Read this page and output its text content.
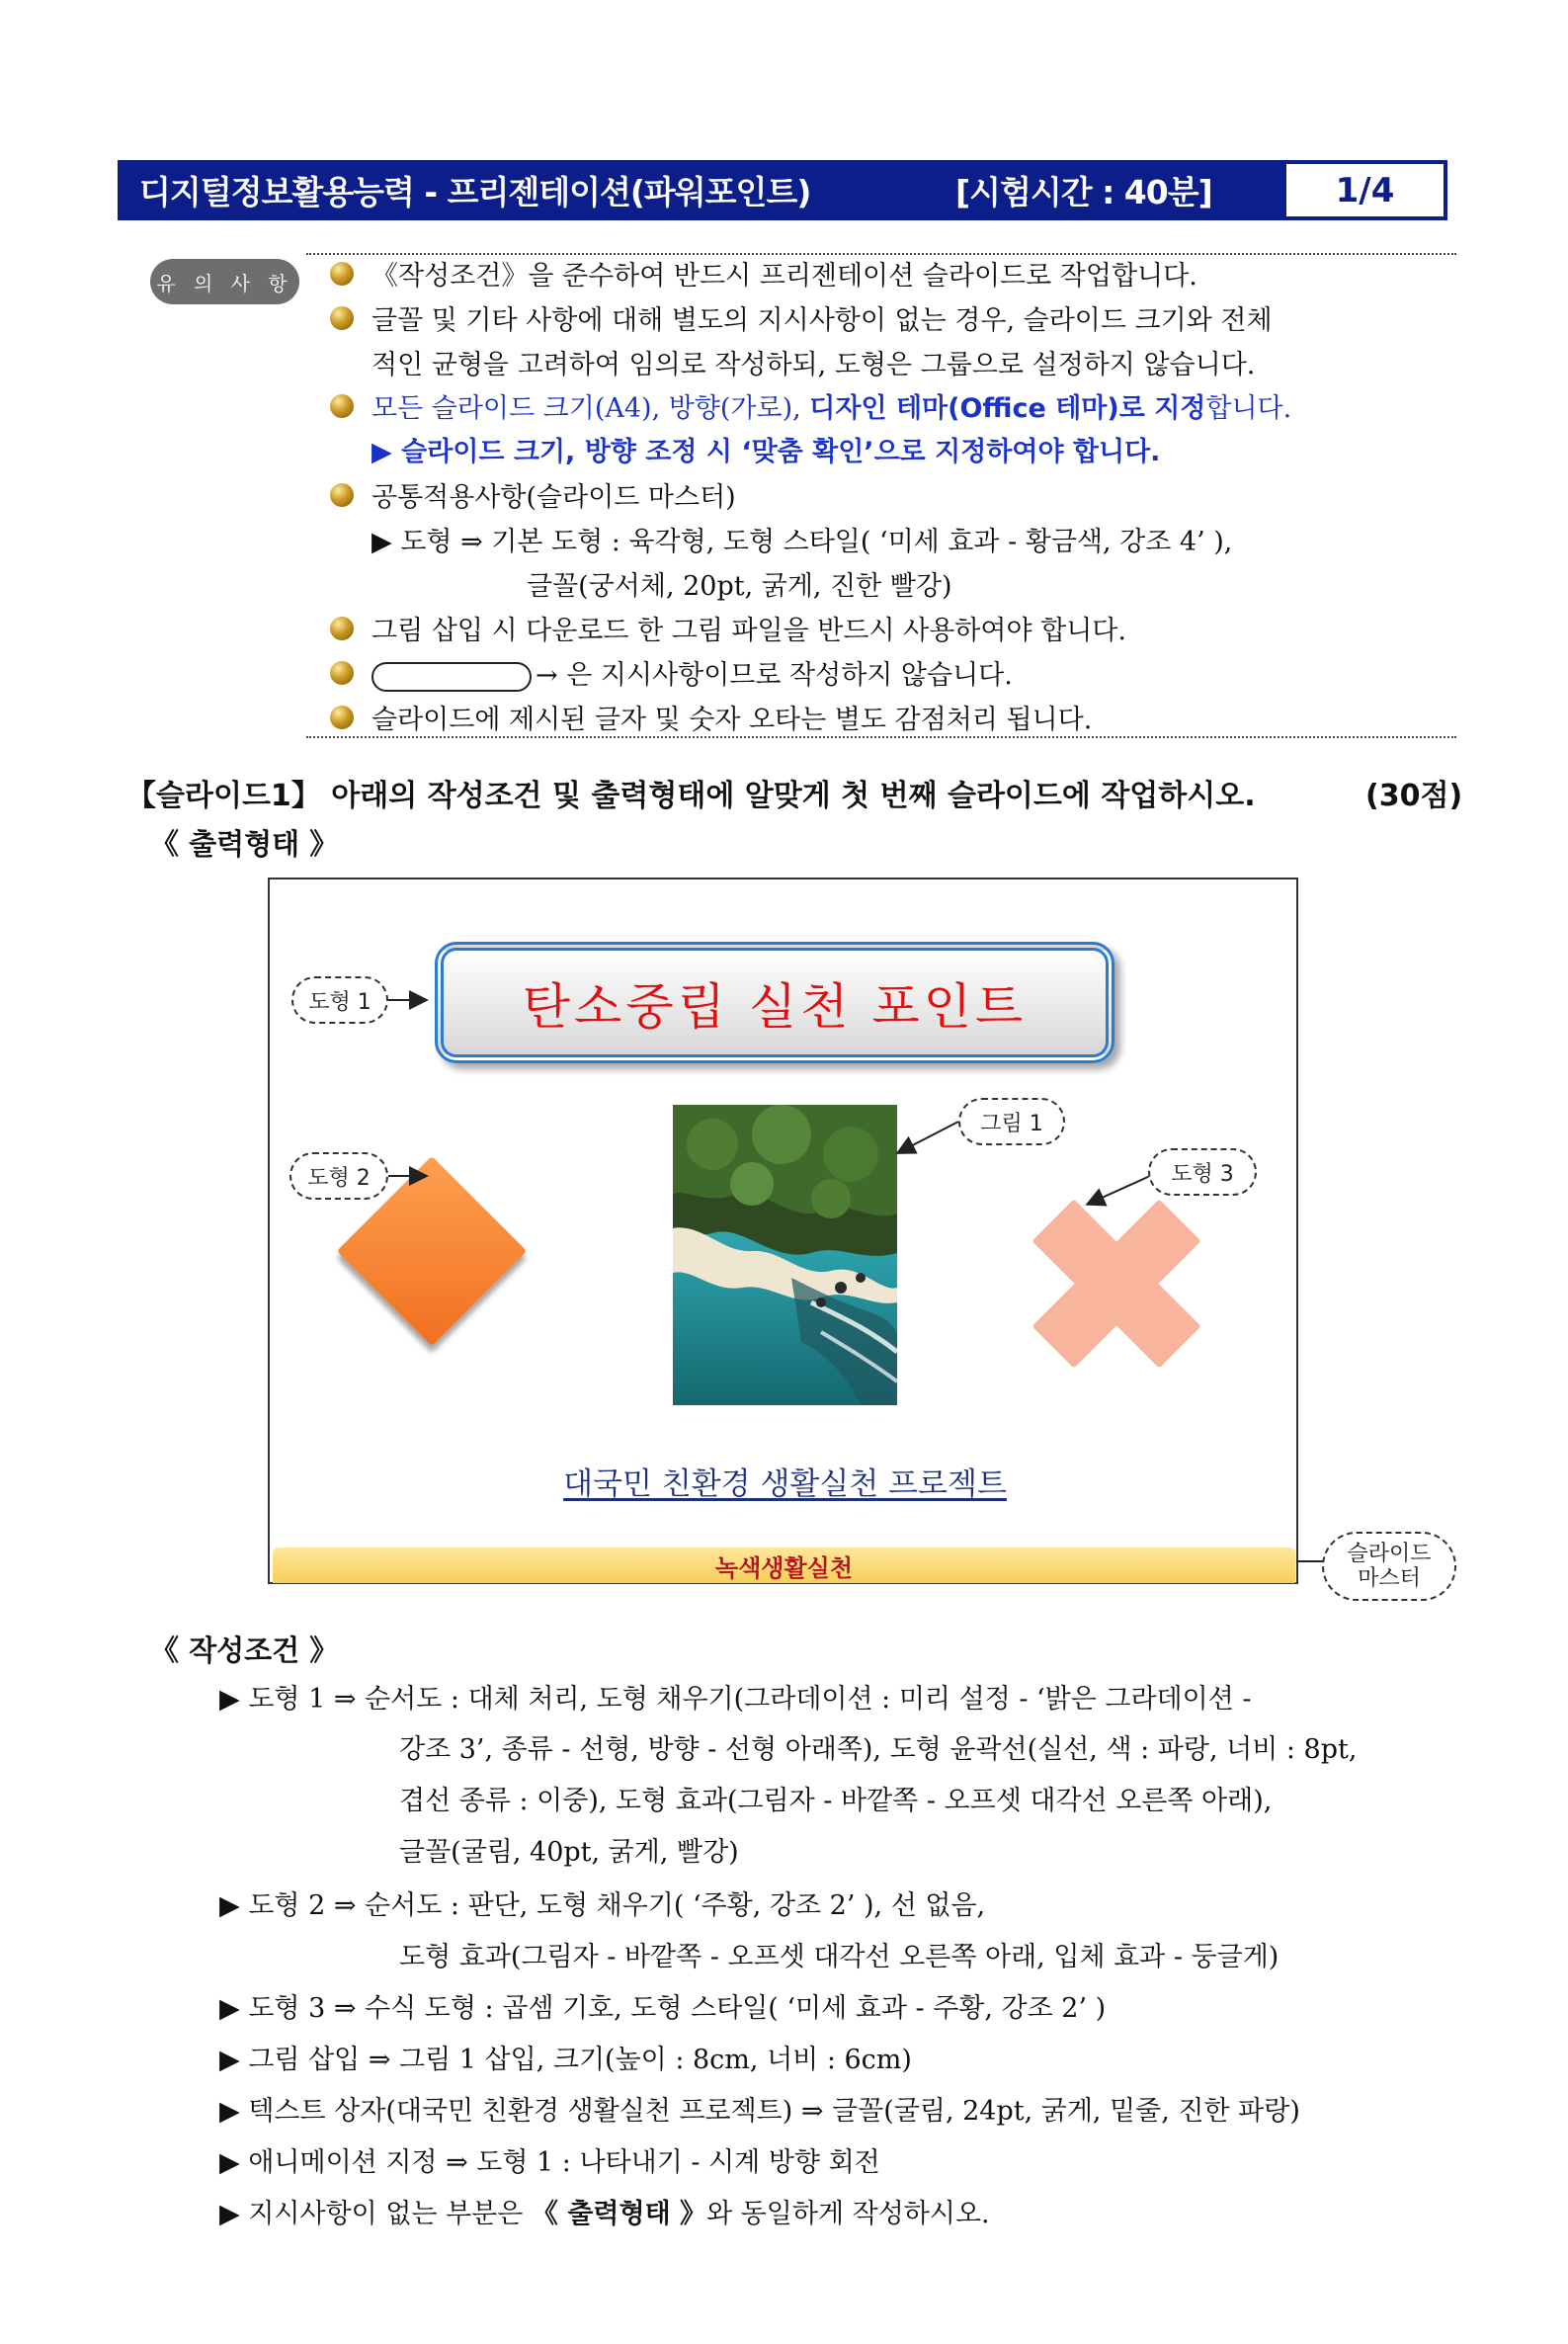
디지털정보활용능력 - 프리젠테이션(파워포인트)	[시험시간 : 40분]	1/4
유 의 사 항	《작성조건》을 준수하여 반드시 프리젠테이션 슬라이드로 작업합니다.
글꼴 및 기타 사항에 대해 별도의 지시사항이 없는 경우, 슬라이드 크기와 전체
적인 균형을 고려하여 임의로 작성하되, 도형은 그룹으로 설정하지 않습니다.
모든 슬라이드 크기(A4), 방향(가로), 디자인 테마(Office 테마)로 지정합니다.
▶ 슬라이드 크기, 방향 조정 시 ‘맞춤 확인’으로 지정하여야 합니다.
공통적용사항(슬라이드 마스터)
▶ 도형 ⇒ 기본 도형 : 육각형, 도형 스타일( ‘미세 효과 - 황금색, 강조 4’ ),
글꼴(궁서체, 20pt, 굵게, 진한 빨강)
그림 삽입 시 다운로드 한 그림 파일을 반드시 사용하여야 합니다.
→ 은 지시사항이므로 작성하지 않습니다.
슬라이드에 제시된 글자 및 숫자 오타는 별도 감점처리 됩니다.
【슬라이드1】 아래의 작성조건 및 출력형태에 알맞게 첫 번째 슬라이드에 작업하시오.	(30점)
《 출력형태 》
탄소중립 실천 포인트
대국민 친환경 생활실천 프로젝트
녹색생활실천
도형 1
도형 2
그림 1
도형 3
슬라이드
마스터
《 작성조건 》
▶ 도형 1 ⇒ 순서도 : 대체 처리, 도형 채우기(그라데이션 : 미리 설정 - ‘밝은 그라데이션 -
강조 3’, 종류 - 선형, 방향 - 선형 아래쪽), 도형 윤곽선(실선, 색 : 파랑, 너비 : 8pt,
겹선 종류 : 이중), 도형 효과(그림자 - 바깥쪽 - 오프셋 대각선 오른쪽 아래),
글꼴(굴림, 40pt, 굵게, 빨강)
▶ 도형 2 ⇒ 순서도 : 판단, 도형 채우기( ‘주황, 강조 2’ ), 선 없음,
도형 효과(그림자 - 바깥쪽 - 오프셋 대각선 오른쪽 아래, 입체 효과 - 둥글게)
▶ 도형 3 ⇒ 수식 도형 : 곱셈 기호, 도형 스타일( ‘미세 효과 - 주황, 강조 2’ )
▶ 그림 삽입 ⇒ 그림 1 삽입, 크기(높이 : 8cm, 너비 : 6cm)
▶ 텍스트 상자(대국민 친환경 생활실천 프로젝트) ⇒ 글꼴(굴림, 24pt, 굵게, 밑줄, 진한 파랑)
▶ 애니메이션 지정 ⇒ 도형 1 : 나타내기 - 시계 방향 회전
▶ 지시사항이 없는 부분은 《 출력형태 》와 동일하게 작성하시오.
